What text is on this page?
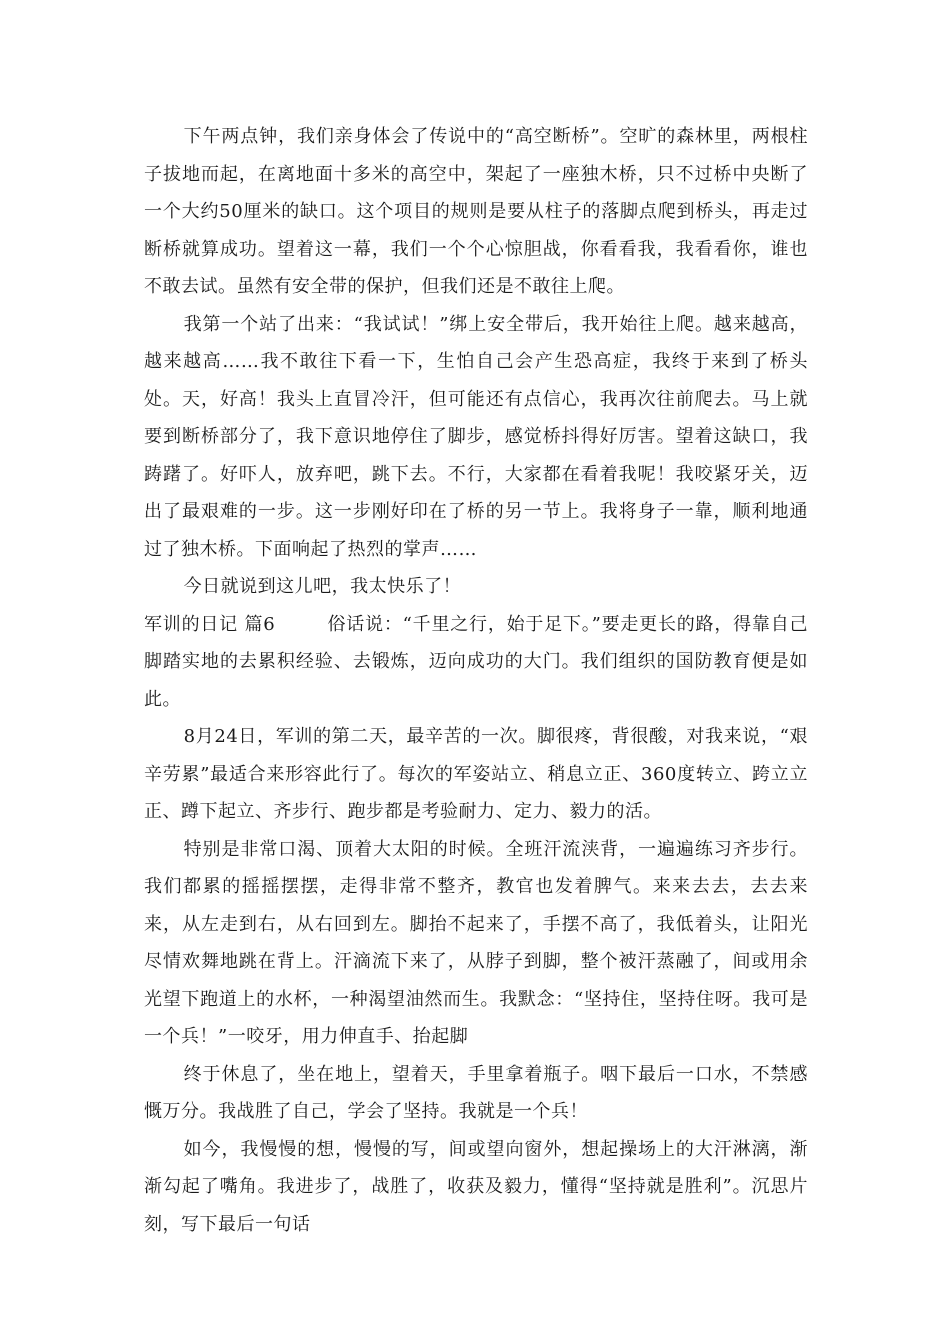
下午两点钟，我们亲身体会了传说中的“高空断桥”。空旷的森林里，两根柱子拔地而起，在离地面十多米的高空中，架起了一座独木桥，只不过桥中央断了一个大约50厘米的缺口。这个项目的规则是要从柱子的落脚点爬到桥头，再走过断桥就算成功。望着这一幕，我们一个个心惊胆战，你看看我，我看看你，谁也不敢去试。虽然有安全带的保护，但我们还是不敢往上爬。

我第一个站了出来：“我试试！”绑上安全带后，我开始往上爬。越来越高，越来越高……我不敢往下看一下，生怕自己会产生恐高症，我终于来到了桥头处。天，好高！我头上直冒冷汗，但可能还有点信心，我再次往前爬去。马上就要到断桥部分了，我下意识地停住了脚步，感觉桥抖得好厉害。望着这缺口，我踌躇了。好吓人，放弃吧，跳下去。不行，大家都在看着我呢！我咬紧牙关，迈出了最艰难的一步。这一步刚好印在了桥的另一节上。我将身子一靠，顺利地通过了独木桥。下面响起了热烈的掌声……

今日就说到这儿吧，我太快乐了！

军训的日记 篇6	俗话说：“千里之行，始于足下。”要走更长的路，得靠自己脚踏实地的去累积经验、去锻炼，迈向成功的大门。我们组织的国防教育便是如此。

8月24日，军训的第二天，最辛苦的一次。脚很疼，背很酸，对我来说，“艰辛劳累”最适合来形容此行了。每次的军姿站立、稍息立正、360度转立、跨立立正、蹲下起立、齐步行、跑步都是考验耐力、定力、毅力的活。

特别是非常口渴、顶着大太阳的时候。全班汗流浃背，一遍遍练习齐步行。我们都累的摇摇摆摆，走得非常不整齐，教官也发着脾气。来来去去，去去来来，从左走到右，从右回到左。脚抬不起来了，手摆不高了，我低着头，让阳光尽情欢舞地跳在背上。汗滴流下来了，从脖子到脚，整个被汗蒸融了，间或用余光望下跑道上的水杯，一种渴望油然而生。我默念：“坚持住，坚持住呀。我可是一个兵！”一咬牙，用力伸直手、抬起脚

终于休息了，坐在地上，望着天，手里拿着瓶子。咽下最后一口水，不禁感慨万分。我战胜了自己，学会了坚持。我就是一个兵！

如今，我慢慢的想，慢慢的写，间或望向窗外，想起操场上的大汗淋漓，渐渐勾起了嘴角。我进步了，战胜了，收获及毅力，懂得“坚持就是胜利”。沉思片刻，写下最后一句话
